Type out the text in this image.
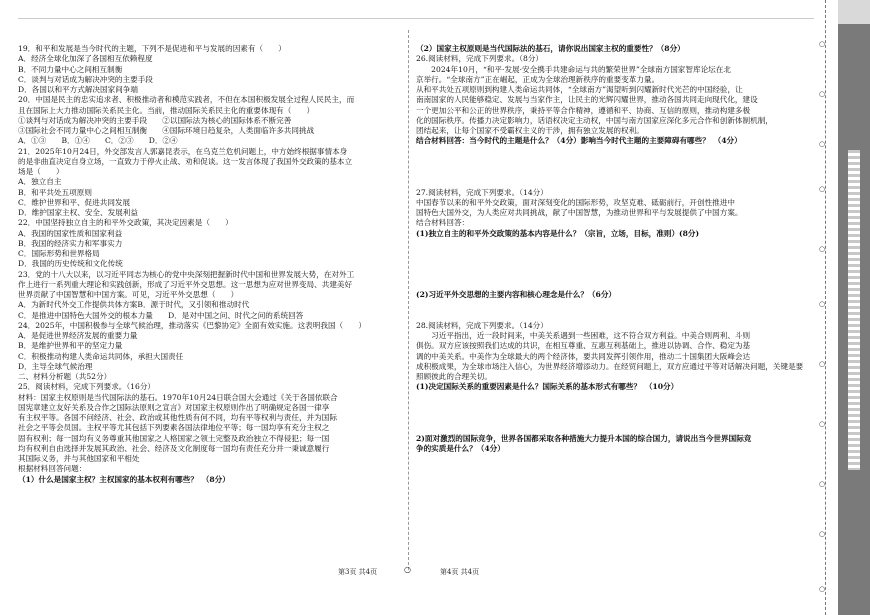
19．和平和发展是当今时代的主题，下列不是促进和平与发展的因素有（　　）
A．经济全球化加深了各国相互依赖程度
B．不同力量中心之间相互制衡
C．谈判与对话成为解决冲突的主要手段
D．各国以和平方式解决国家间争端
20．中国是民主的忠实追求者、积极推动者和模范实践者，不但在本国积极发展全过程人民民主，而
且在国际上大力推动国际关系民主化。当前，推动国际关系民主化的重要体现有（　　）
①谈判与对话成为解决冲突的主要手段　　②以国际法为核心的国际体系不断完善
③国际社会不同力量中心之间相互制衡　　④国际环境日趋复杂，人类面临许多共同挑战
A．①③　　B．①④　　C．②③　　D．②④
21．2025年10月24日，外交部发言人郭嘉昆表示，在乌克兰危机问题上，中方始终根据事情本身
的是非曲直决定自身立场，一直致力于停火止战、劝和促谈。这一发言体现了我国外交政策的基本立
场是（　　）
A．独立自主
B．和平共处五项原则
C．维护世界和平、促进共同发展
D．维护国家主权、安全、发展利益
22．中国坚持独立自主的和平外交政策，其决定因素是（　　）
A．我国的国家性质和国家利益
B．我国的经济实力和军事实力
C．国际形势和世界格局
D．我国的历史传统和文化传统
23．党的十八大以来，以习近平同志为核心的党中央深刻把握新时代中国和世界发展大势，在对外工
作上进行一系列重大理论和实践创新，形成了习近平外交思想。这一思想为应对世界变局、共建美好
世界贡献了中国智慧和中国方案。可见，习近平外交思想（　　）
A．为新时代外交工作提供共体方案B．源于时代，又引领和推动时代
C．是推进中国特色大国外交的根本力量　　D．是对中国之问、时代之问的系统回答
24．2025年，中国积极参与全球气候治理，推动落实《巴黎协定》全面有效实施。这表明我国（　　）
A．是促进世界经济发展的重要力量
B．是维护世界和平的坚定力量
C．积极推动构建人类命运共同体，承担大国责任
D．主导全球气候治理
二、材料分析题（共52分）
25．阅读材料，完成下列要求。（16分）
材料：国家主权原则是当代国际法的基石。1970年10月24日联合国大会通过《关于各国依联合
国宪章建立友好关系及合作之国际法原则之宣言》对国家主权原则作出了明确规定各国一律享
有主权平等。各国不问经济、社会、政治或其他性质有何不同，均有平等权利与责任，并为国际
社会之平等会员国。主权平等尤其包括下列要素各国法律地位平等；每一国均享有充分主权之
固有权利；每一国均有义务尊重其他国家之人格国家之领土完整及政治独立不得侵犯；每一国
均有权利自由选择并发展其政治、社会、经济及文化制度每一国均有责任充分并一秉诚意履行
其国际义务，并与其他国家和平相处
根据材料回答问题：
（1）什么是国家主权？主权国家的基本权利有哪些？　（8分）
（2）国家主权原则是当代国际法的基石，请你说出国家主权的重要性？（8分）
26.阅读材料，完成下列要求。（8分）
　　2024年10月，“和平·发展·安全携手共建命运与共的繁荣世界”全球南方国家智库论坛在北
京举行。“全球南方”正在崛起，正成为全球治理新秩序的重要变革力量。
从和平共处五项原则到构建人类命运共同体，“全球南方”渴望听到闪耀新时代光芒的中国经验，让
南南国家的人民能够稳定、发展与当家作主，让民主的光辉闪耀世界，推动各国共同走向现代化，建设
一个更加公平和公正的世界秩序，秉持平等合作精神，遵循和平、协商、互信的原则，推动构建多极
化的国际秩序。传播力决定影响力，话语权决定主动权，中国与南方国家应深化多元合作和创新体制机制，
团结起来，让每个国家不受霸权主义的干涉，拥有独立发展的权利。
结合材料回答：当今时代的主题是什么？（4分）影响当今时代主题的主要障碍有哪些？　（4分）

27.阅读材料，完成下列要求。（14分）
中国春节以来的和平外交政策，面对深刻变化的国际形势，攻坚克难、砥砺前行，开创性推进中
国特色大国外交，为人类应对共同挑战，献了中国智慧，为推动世界和平与发展提供了中国方案。
结合材料回答：
(1)独立自主的和平外交政策的基本内容是什么？（宗旨，立场，目标，准则）(8分)

(2)习近平外交思想的主要内容和核心理念是什么？（6分）

28.阅读材料，完成下列要求。（14分）
　　习近平指出，近一段时间来，中美关系遇到一些困难，这不符合双方利益。中美合则两利、斗则
俱伤。双方应该按照我们达成的共识，在相互尊重、互惠互利基础上，推进以协调、合作、稳定为基
调的中美关系。中美作为全球最大的两个经济体，要共同发挥引领作用，推动二十国集团大阪峰会达
成积极成果，为全球市场注入信心，为世界经济增添动力。在经贸问题上，双方应通过平等对话解决问题，关键是要
照顾彼此的合理关切。
(1)决定国际关系的重要因素是什么？国际关系的基本形式有哪些？　（10分）

2)面对激烈的国际竞争，世界各国都采取各种措施大力提升本国的综合国力，请说出当今世界国际竞
争的实质是什么？（4分）
第3页 共4页	○	第4页 共4页
○
○
○
○
○
○
○
○
○
○
○
